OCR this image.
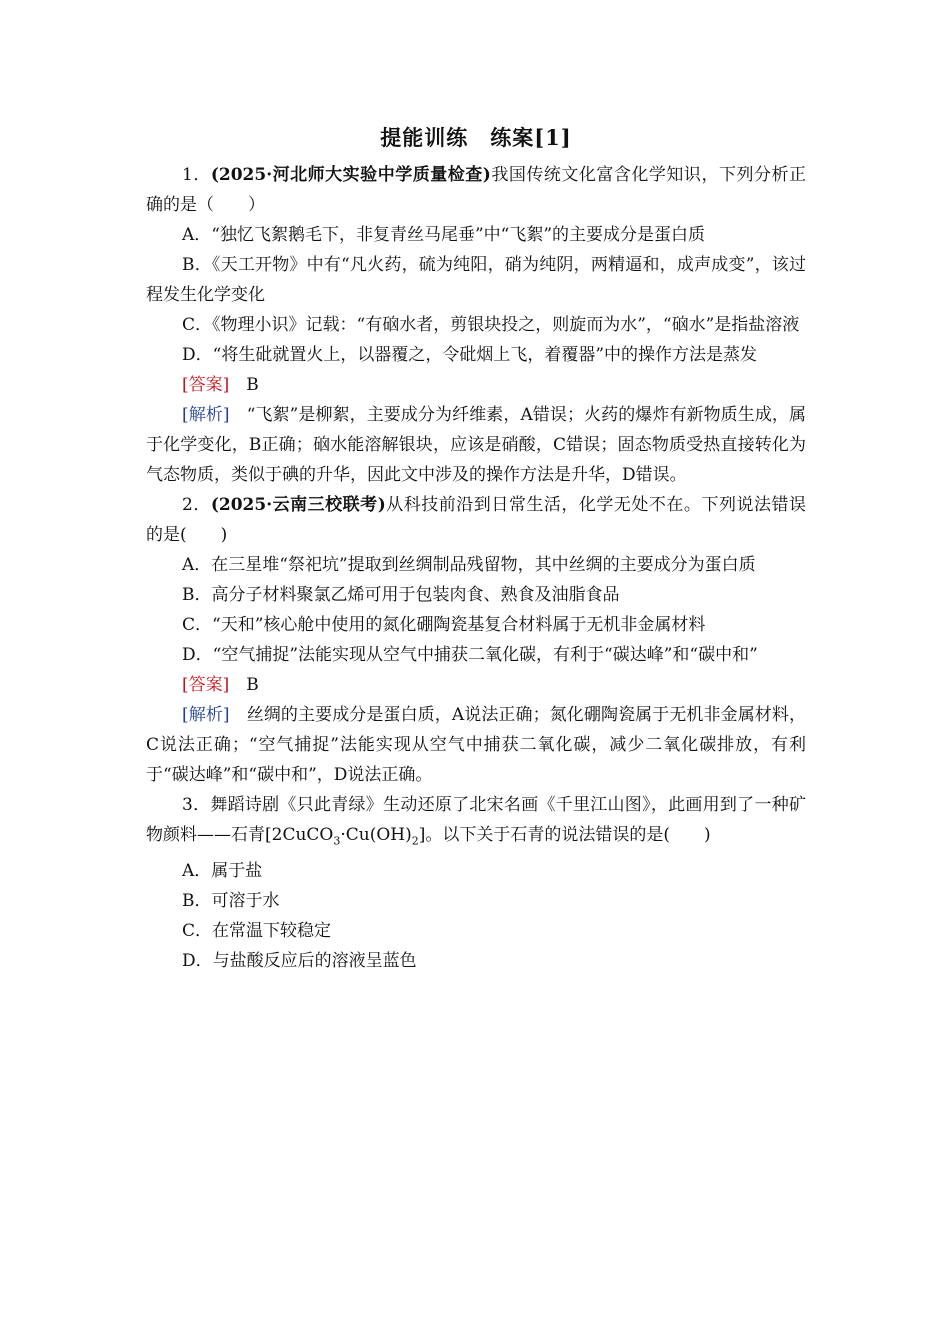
提能训练　练案[1]

1．(2025·河北师大实验中学质量检查)我国传统文化富含化学知识，下列分析正确的是（　　）

A．“独忆飞絮鹅毛下，非复青丝马尾垂”中“飞絮”的主要成分是蛋白质

B．《天工开物》中有“凡火药，硫为纯阳，硝为纯阴，两精逼和，成声成变”，该过程发生化学变化

C．《物理小识》记载：“有硇水者，剪银块投之，则旋而为水”，“硇水”是指盐溶液

D．“将生砒就置火上，以器覆之，令砒烟上飞，着覆器”中的操作方法是蒸发

[答案]　 B

[解析]　 “飞絮”是柳絮，主要成分为纤维素，A错误；火药的爆炸有新物质生成，属于化学变化，B正确；硇水能溶解银块，应该是硝酸，C错误；固态物质受热直接转化为气态物质，类似于碘的升华，因此文中涉及的操作方法是升华，D错误。

2．(2025·云南三校联考)从科技前沿到日常生活，化学无处不在。下列说法错误的是(　　)

A．在三星堆“祭祀坑”提取到丝绸制品残留物，其中丝绸的主要成分为蛋白质

B．高分子材料聚氯乙烯可用于包装肉食、熟食及油脂食品

C．“天和”核心舱中使用的氮化硼陶瓷基复合材料属于无机非金属材料

D．“空气捕捉”法能实现从空气中捕获二氧化碳，有利于“碳达峰”和“碳中和”

[答案]　 B

[解析]　 丝绸的主要成分是蛋白质，A说法正确；氮化硼陶瓷属于无机非金属材料，C说法正确；“空气捕捉”法能实现从空气中捕获二氧化碳，减少二氧化碳排放，有利于“碳达峰”和“碳中和”，D说法正确。

3．舞蹈诗剧《只此青绿》生动还原了北宋名画《千里江山图》，此画用到了一种矿物颜料——石青$[2CuCO_3\cdot Cu(OH)_2]$。以下关于石青的说法错误的是(　　)

A．属于盐

B．可溶于水

C．在常温下较稳定

D．与盐酸反应后的溶液呈蓝色
